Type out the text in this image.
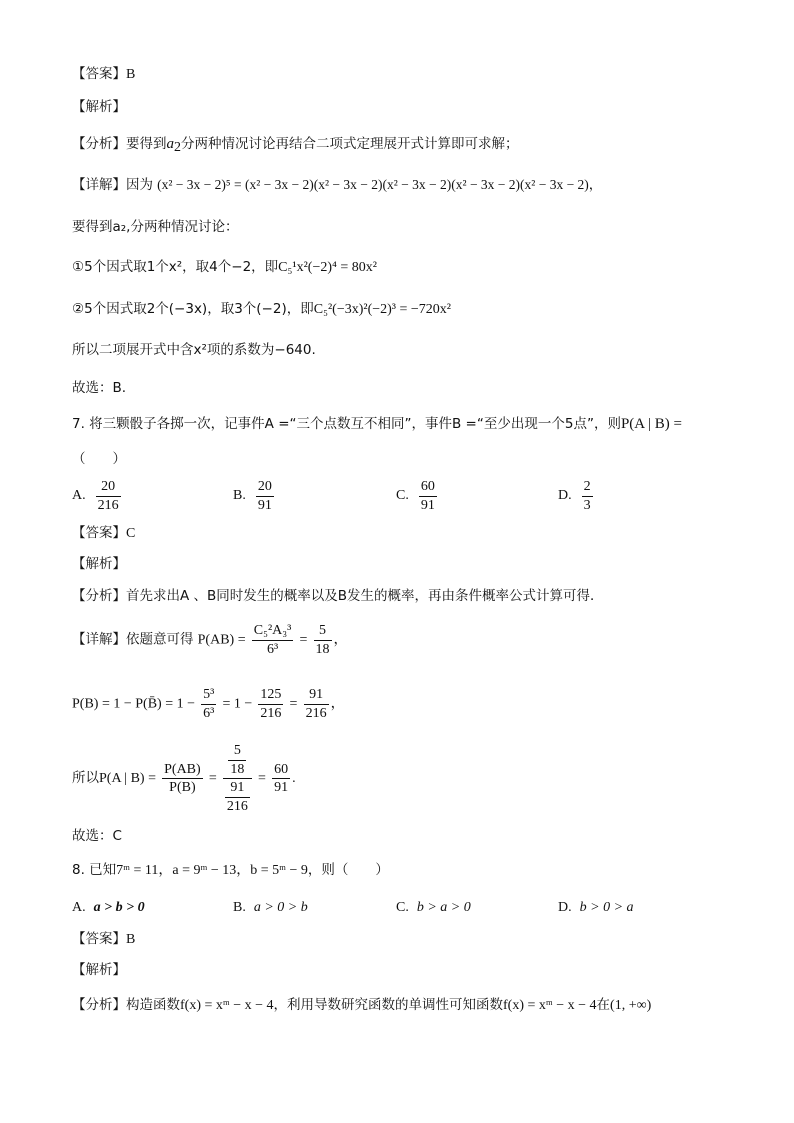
【答案】B
【解析】
【分析】要得到$a_2$分两种情况讨论再结合二项式定理展开式计算即可求解；
【详解】因为 (x² − 3x − 2)⁵ = (x² − 3x − 2)(x² − 3x − 2)(x² − 3x − 2)(x² − 3x − 2)(x² − 3x − 2)，
要得到a₂,分两种情况讨论：
①5个因式取1个x²，取4个−2，即C₅¹x²(−2)⁴ = 80x²
②5个因式取2个(−3x)，取3个(−2)，即C₅²(−3x)²(−2)³ = −720x²
所以二项展开式中含x²项的系数为−640.
故选：B.
7. 将三颗骰子各掷一次，记事件A =“三个点数互不相同”，事件B =“至少出现一个5点”，则P(A | B) =
（　　）
A. $\frac{20}{216}$	B. $\frac{20}{91}$	C. $\frac{60}{91}$	D. $\frac{2}{3}$
【答案】C
【解析】
【分析】首先求出A 、B同时发生的概率以及B发生的概率，再由条件概率公式计算可得．
【详解】依题意可得 $P(AB) = \frac{\text{C₅²A₃³}}{\text{6³}} = \frac{5}{18}$ ，
P(B) = 1 − P(B̄) = $1 - \frac{\text{5³}}{\text{6³}} = 1 - \frac{125}{216} = \frac{91}{216}$ ，
所以P(A | $B) = \frac{P(AB)}{P(B)} = \frac{\frac{5}{18}}{\frac{91}{216}} = \frac{60}{91}$ .
故选：C
8. 已知7ᵐ = 11，a = 9ᵐ − 13，b = 5ᵐ − 9，则（　　）
A. a > b > 0	B. a > 0 > b	C. b > a > 0	D. b > 0 > a
【答案】B
【解析】
【分析】构造函数f(x) = xᵐ − x − 4，利用导数研究函数的单调性可知函数f(x) = xᵐ − x − 4在(1, +∞)
